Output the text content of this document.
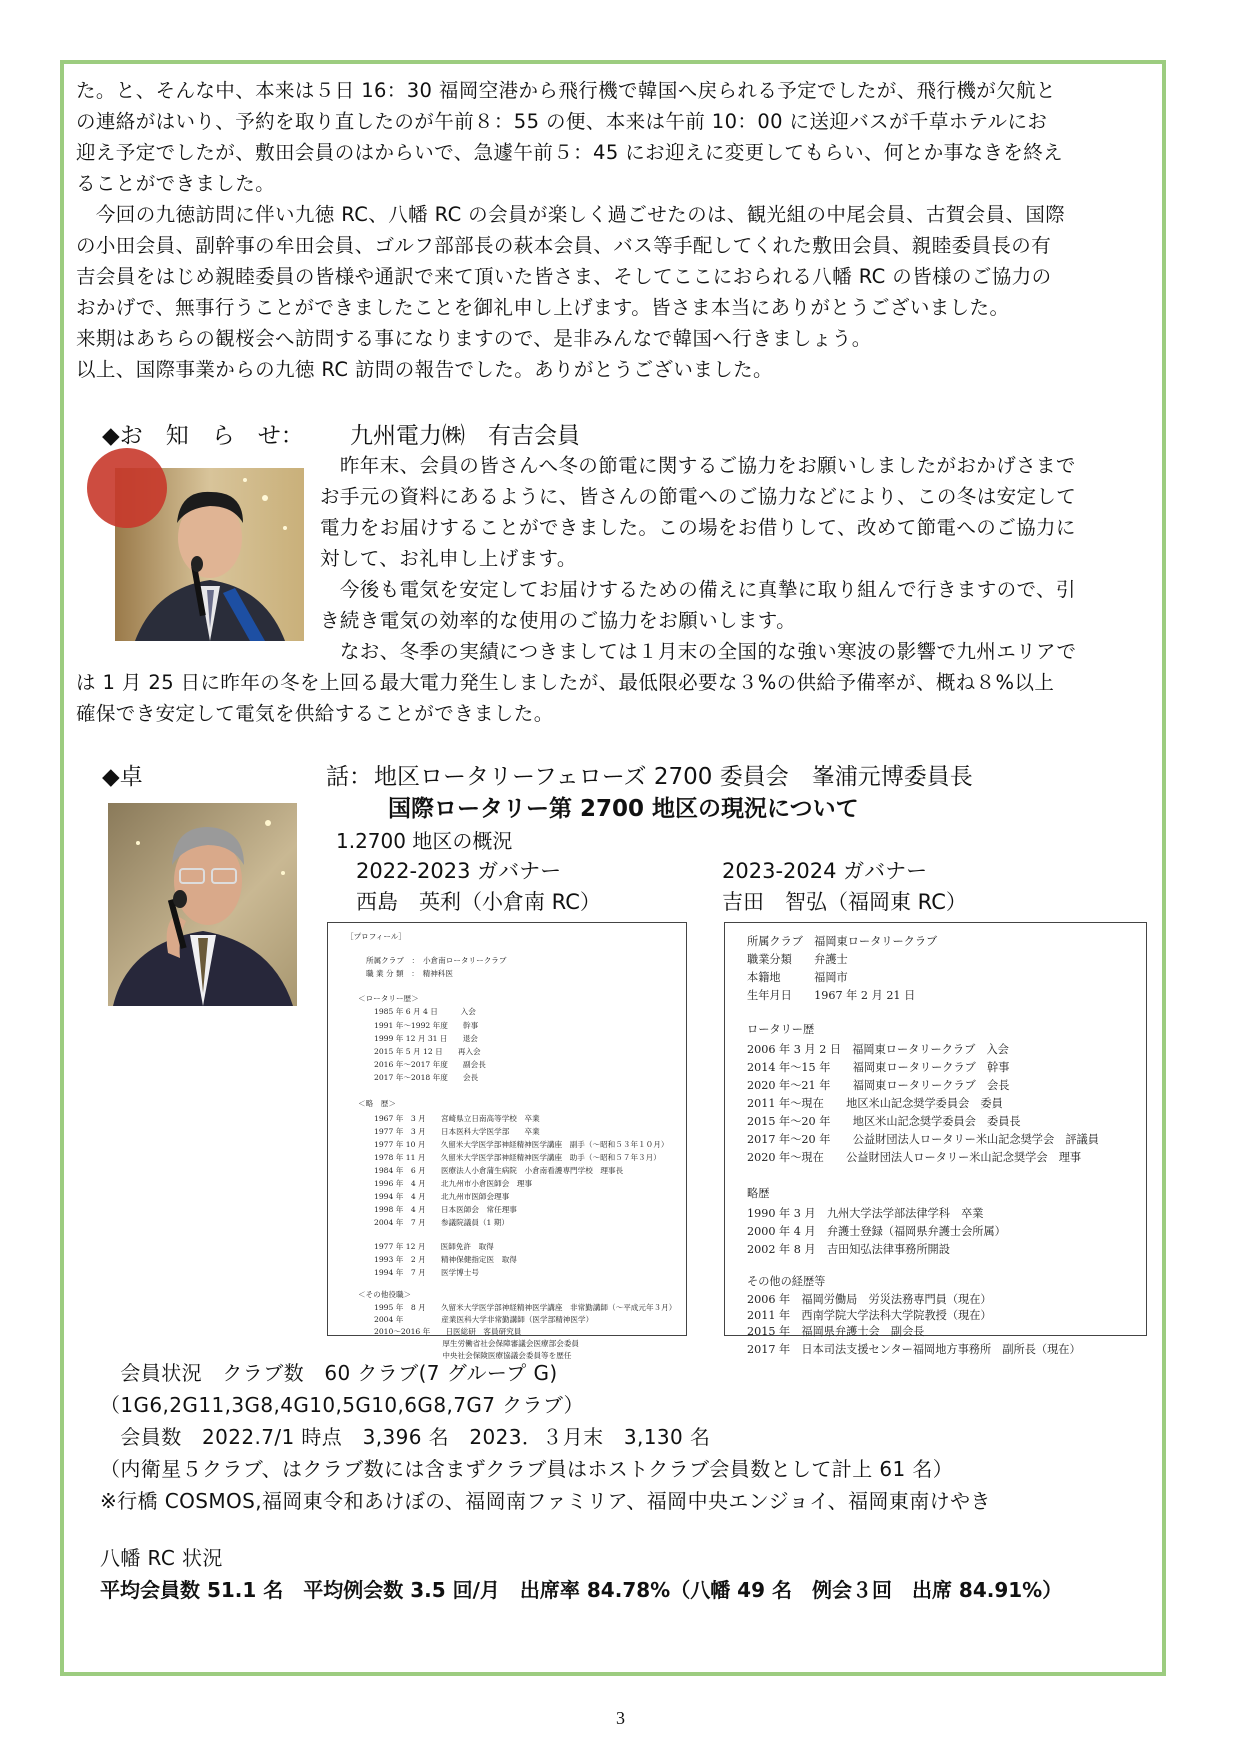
た。と、そんな中、本来は５日 16：30 福岡空港から飛行機で韓国へ戻られる予定でしたが、飛行機が欠航と
の連絡がはいり、予約を取り直したのが午前８：55 の便、本来は午前 10：00 に送迎バスが千草ホテルにお
迎え予定でしたが、敷田会員のはからいで、急遽午前５：45 にお迎えに変更してもらい、何とか事なきを終え
ることができました。
　今回の九徳訪問に伴い九徳 RC、八幡 RC の会員が楽しく過ごせたのは、観光組の中尾会員、古賀会員、国際
の小田会員、副幹事の牟田会員、ゴルフ部部長の萩本会員、バス等手配してくれた敷田会員、親睦委員長の有
吉会員をはじめ親睦委員の皆様や通訳で来て頂いた皆さま、そしてここにおられる八幡 RC の皆様のご協力の
おかげで、無事行うことができましたことを御礼申し上げます。皆さま本当にありがとうございました。
来期はあちらの観桜会へ訪問する事になりますので、是非みんなで韓国へ行きましょう。
以上、国際事業からの九徳 RC 訪問の報告でした。ありがとうございました。
◆お　知　ら　せ： 九州電力㈱　有吉会員
　昨年末、会員の皆さんへ冬の節電に関するご協力をお願いしましたがおかげさまで
お手元の資料にあるように、皆さんの節電へのご協力などにより、この冬は安定して
電力をお届けすることができました。この場をお借りして、改めて節電へのご協力に
対して、お礼申し上げます。
　今後も電気を安定してお届けするための備えに真摯に取り組んで行きますので、引
き続き電気の効率的な使用のご協力をお願いします。
　なお、冬季の実績につきましては１月末の全国的な強い寒波の影響で九州エリアで
は 1 月 25 日に昨年の冬を上回る最大電力発生しましたが、最低限必要な３%の供給予備率が、概ね８%以上
確保でき安定して電気を供給することができました。
◆卓	話： 地区ロータリーフェローズ 2700 委員会　峯浦元博委員長
国際ロータリー第 2700 地区の現況について
1.2700 地区の概況
2022-2023 ガバナー
西島　英利（小倉南 RC）
2023-2024 ガバナー
吉田　智弘（福岡東 RC）
［プロフィール］
所属クラブ　：　小倉南ロータリークラブ
職 業 分 類　：　精神科医
＜ロータリー歴＞
1985 年 6 月 4 日　　　入会
1991 年～1992 年度　　幹事
1999 年 12 月 31 日　　退会
2015 年 5 月 12 日　　再入会
2016 年～2017 年度　　副会長
2017 年～2018 年度　　会長
＜略　歴＞
1967 年　3 月　　宮崎県立日南高等学校　卒業
1977 年　3 月　　日本医科大学医学部　　卒業
1977 年 10 月　　久留米大学医学部神経精神医学講座　副手（～昭和５３年１０月）
1978 年 11 月　　久留米大学医学部神経精神医学講座　助手（～昭和５７年３月）
1984 年　6 月　　医療法人小倉蒲生病院　小倉南看護専門学校　理事長
1996 年　4 月　　北九州市小倉医師会　理事
1994 年　4 月　　北九州市医師会理事
1998 年　4 月　　日本医師会　常任理事
2004 年　7 月　　参議院議員（1 期）
1977 年 12 月　　医師免許　取得
1993 年　2 月　　精神保健指定医　取得
1994 年　7 月　　医学博士号
＜その他役職＞
1995 年　8 月　　久留米大学医学部神経精神医学講座　非常勤講師（～平成元年３月）
2004 年　　　　　産業医科大学非常勤講師（医学部精神医学）
2010～2016 年　　日医総研　客員研究員
　　　　　　　　　厚生労働省社会保障審議会医療部会委員
　　　　　　　　　中央社会保険医療協議会委員等を歴任
所属クラブ　福岡東ロータリークラブ
職業分類　　弁護士
本籍地　　　福岡市
生年月日　　1967 年 2 月 21 日
ロータリー歴
2006 年 3 月 2 日　福岡東ロータリークラブ　入会
2014 年～15 年　　福岡東ロータリークラブ　幹事
2020 年～21 年　　福岡東ロータリークラブ　会長
2011 年～現在　　地区米山記念奨学委員会　委員
2015 年～20 年　　地区米山記念奨学委員会　委員長
2017 年～20 年　　公益財団法人ロータリー米山記念奨学会　評議員
2020 年～現在　　公益財団法人ロータリー米山記念奨学会　理事
略歴
1990 年 3 月　九州大学法学部法律学科　卒業
2000 年 4 月　弁護士登録（福岡県弁護士会所属）
2002 年 8 月　吉田知弘法律事務所開設
その他の経歴等
2006 年　福岡労働局　労災法務専門員（現在）
2011 年　西南学院大学法科大学院教授（現在）
2015 年　福岡県弁護士会　副会長
2017 年　日本司法支援センター福岡地方事務所　副所長（現在）
　会員状況　クラブ数　60 クラブ(7 グループ G)
（1G6,2G11,3G8,4G10,5G10,6G8,7G7 クラブ）
　会員数　2022.7/1 時点　3,396 名　2023．３月末　3,130 名
（内衛星５クラブ、はクラブ数には含まずクラブ員はホストクラブ会員数として計上 61 名）
※行橋 COSMOS,福岡東令和あけぼの、福岡南ファミリア、福岡中央エンジョイ、福岡東南けやき
八幡 RC 状況
平均会員数 51.1 名　平均例会数 3.5 回/月　出席率 84.78%（八幡 49 名　例会３回　出席 84.91%）
3
